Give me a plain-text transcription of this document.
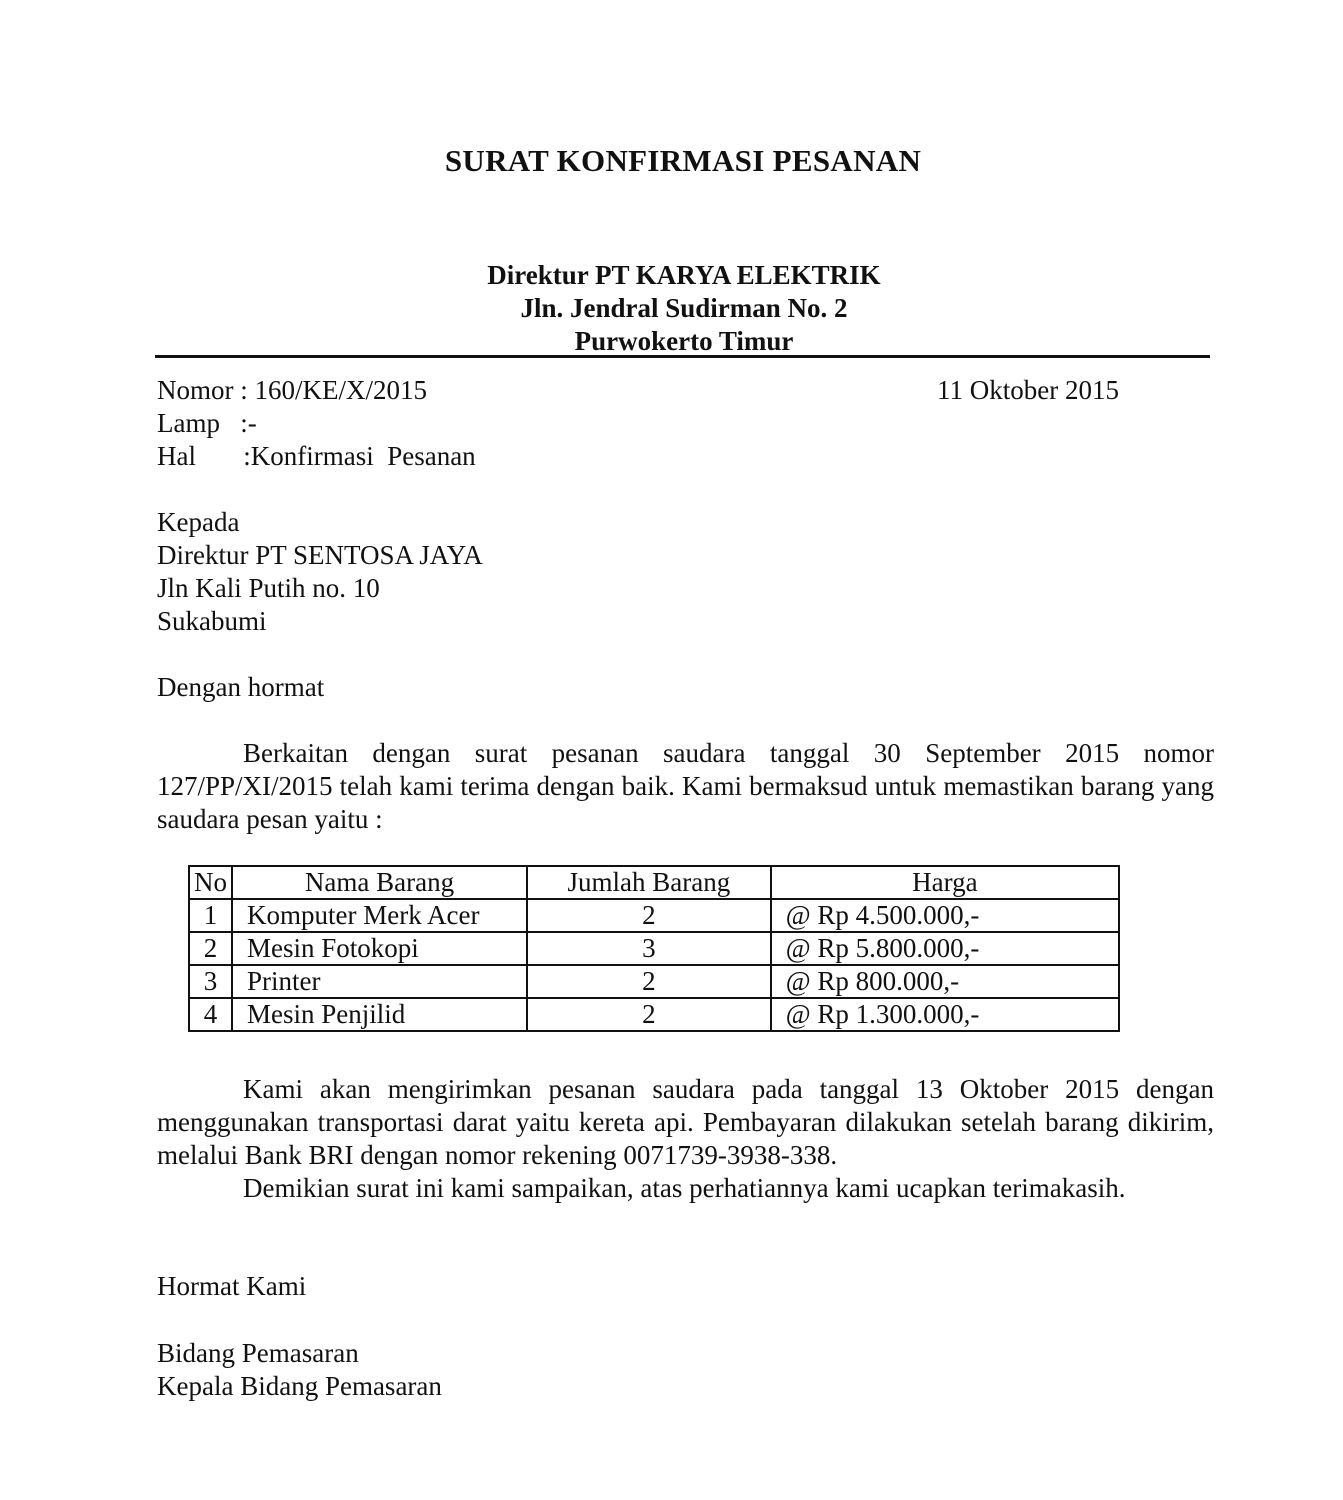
SURAT KONFIRMASI PESANAN
Direktur PT KARYA ELEKTRIK
Jln. Jendral Sudirman No. 2
Purwokerto Timur
Nomor : 160/KE/X/2015	11 Oktober 2015
Lamp   :-
Hal       :Konfirmasi  Pesanan
Kepada
Direktur PT SENTOSA JAYA
Jln Kali Putih no. 10
Sukabumi
Dengan hormat
Berkaitan dengan surat pesanan saudara tanggal 30 September 2015 nomor 127/PP/XI/2015 telah kami terima dengan baik. Kami bermaksud untuk memastikan barang yang saudara pesan yaitu :
No	Nama Barang	Jumlah Barang	Harga
1	Komputer Merk Acer	2	@ Rp 4.500.000,-
2	Mesin Fotokopi	3	@ Rp 5.800.000,-
3	Printer	2	@ Rp 800.000,-
4	Mesin Penjilid	2	@ Rp 1.300.000,-
Kami akan mengirimkan pesanan saudara pada tanggal 13 Oktober 2015 dengan menggunakan transportasi darat yaitu kereta api. Pembayaran dilakukan setelah barang dikirim, melalui Bank BRI dengan nomor rekening 0071739-3938-338.
Demikian surat ini kami sampaikan, atas perhatiannya kami ucapkan terimakasih.
Hormat Kami
Bidang Pemasaran
Kepala Bidang Pemasaran
